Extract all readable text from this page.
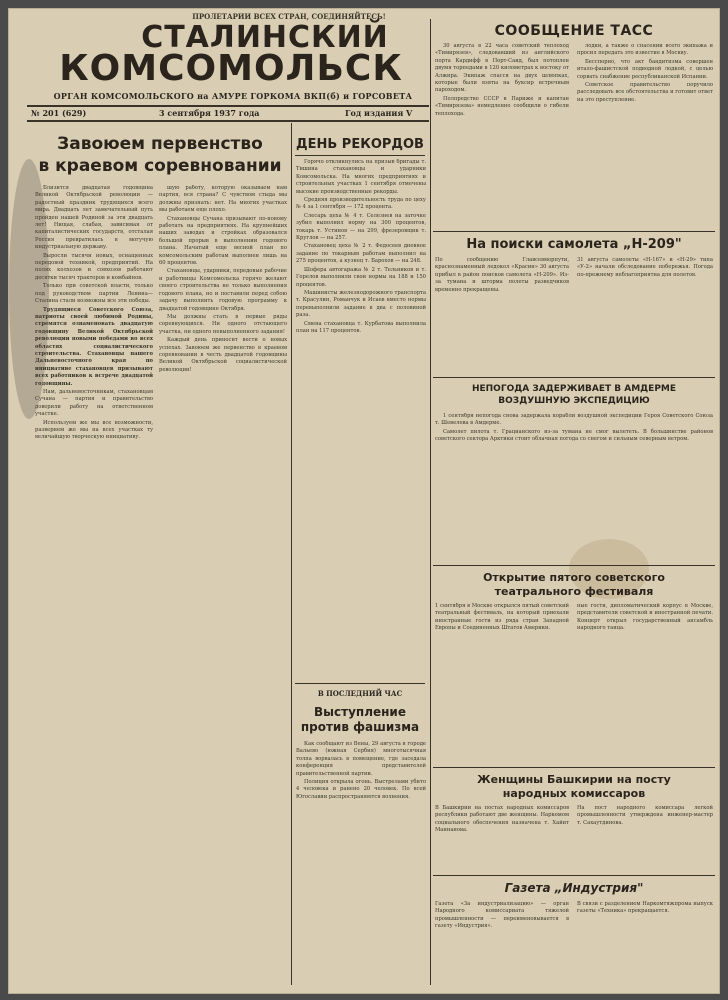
ПРОЛЕТАРИИ ВСЕХ СТРАН, СОЕДИНЯЙТЕСЬ!
СТАЛИНСКИЙ
КОМСОМОЛЬСК
ОРГАН КОМСОМОЛЬСКОГО на АМУРЕ ГОРКОМА ВКП(б) и ГОРСОВЕТА
№ 201 (629)	3 сентября 1937 года	Год издания V
Завоюем первенство
в краевом соревновании

Близится двадцатая годовщина Великой Октябрьской революции — радостный праздник трудящихся всего мира. Двадцать лет замечательный путь пройден нашей Родиной за эти двадцать лет! Нищая, слабая, зависимая от капиталистических государств, отсталая Россия превратилась в могучую индустриальную державу.

Выросли тысячи новых, оснащенных передовой техникой, предприятий. На полях колхозов и совхозов работают десятки тысяч тракторов и комбайнов.

Только при советской власти, только под руководством партии Ленина—Сталина стали возможны все эти победы.

Трудящиеся Советского Союза, патриоты своей любимой Родины, стремятся ознаменовать двадцатую годовщину Великой Октябрьской революции новыми победами во всех областях социалистического строительства. Стахановцы нашего Дальневосточного края по инициативе стахановцев призывают всех работников к встрече двадцатой годовщины.

Нам, дальневосточникам, стахановцам Сучана — партия и правительство доверили работу на ответственном участке.

Используем же мы все возможности, развернем же мы на всех участках ту величайшую творческую инициативу.

шую работу, которую оказываем нам партия, вся страна? С чувством стыда мы должны признать: нет. На многих участках мы работаем еще плохо.

Стахановцы Сучана призывают по-новому работать на предприятиях. На крупнейших наших заводах и стройках образовался большой прорыв в выполнении годового плана. Начатый еще весной план по комсомольским работам выполнен лишь на 60 процентов.

Стахановцы, ударники, передовые рабочие и работницы Комсомольска горячо желают своего строительства не только выполнения годового плана, но и поставили перед собою задачу выполнить годовую программу к двадцатой годовщине Октября.

Мы должны стать в первые ряды соревнующихся. Ни одного отстающего участка, ни одного невыполненного задания!

Каждый день приносит вести о новых успехах. Завоюем же первенство в краевом соревновании в честь двадцатой годовщины Великой Октябрьской социалистической революции!

ДЕНЬ РЕКОРДОВ

Горячо откликнулись на призыв бригады т. Тишина стахановцы и ударники Комсомольска. На многих предприятиях и строительных участках 1 сентября отмечены высокие производственные рекорды.

Средняя производительность труда по цеху № 4 за 1 сентября — 172 процента.

Слесарь цеха № 4 т. Селезнев на заточке зубил выполнил норму на 300 процентов, токарь т. Устинов — на 299, фрезеровщик т. Круглов — на 257.

Стахановец цеха № 2 т. Федосеев дневное задание по токарным работам выполнил на 275 процентов, а кузнец т. Барохов — на 248.

Шофера автогаража № 2 т. Тельников и т. Горелов выполнили свои нормы на 188 и 150 процентов.

Машинисты железнодорожного транспорта т. Красулин, Романчук и Исаев вместо нормы перевыполнили задание в два с половиной раза.

Смена стахановца т. Курбатова выполнила план на 117 процентов.

В ПОСЛЕДНИЙ ЧАС
Выступление
против фашизма

Как сообщают из Вены, 29 августа в городе Вальево (южная Сербия) многотысячная толпа ворвалась в помещение, где заседала конференция представителей правительственной партии.

Полиция открыла огонь. Выстрелами убито 4 человека и ранено 20 человек. По всей Югославии распространяются волнения.

СООБЩЕНИЕ ТАСС

30 августа в 22 часа советский теплоход «Тимирязев», следовавший из английского порта Кардифф в Порт-Саид, был потоплен двумя торпедами в 120 километрах к востоку от Алжира. Экипаж спасся на двух шлюпках, которые были взяты на буксир встречным пароходом.

Полпредство СССР в Париже и капитан «Тимирязева» немедленно сообщили о гибели теплохода.

лодки, а также о спасении всего экипажа и просил передать это известие в Москву.

Бесспорно, что акт бандитизма совершен итало-фашистской подводной лодкой, с целью сорвать снабжение республиканской Испании.

Советское правительство поручило расследовать все обстоятельства и готовит ответ на это преступление.

На поиски самолета „Н-209"
По сообщению Главсевморпути, краснознаменный ледокол «Красин» 30 августа прибыл в район поисков самолета «Н-209». Из-за тумана и шторма полеты разведчиков временно прекращены.
31 августа самолеты «Н-167» и «Н-29» типа «У-2» начали обследование побережья. Погода по-прежнему неблагоприятна для полетов.
НЕПОГОДА ЗАДЕРЖИВАЕТ В АМДЕРМЕ
ВОЗДУШНУЮ ЭКСПЕДИЦИЮ

1 сентября непогода снова задержала корабли воздушной экспедиции Героя Советского Союза т. Шевелева в Амдерме.

Самолет пилота т. Грацианского из-за тумана не смог вылететь. В большинстве районов советского сектора Арктики стоит облачная погода со снегом и сильным северным ветром.

Открытие пятого советского
театрального фестиваля
1 сентября в Москве открылся пятый советский театральный фестиваль, на который приехали иностранные гости из ряда стран Западной Европы и Соединенных Штатов Америки.
ные гости, дипломатический корпус в Москве, представители советской и иностранной печати. Концерт открыл государственный ансамбль народного танца.
Женщины Башкирии на посту
народных комиссаров
В Башкирии на постах народных комиссаров республики работают две женщины. Наркомом социального обеспечения назначена т. Хайит Маннанова.
На пост народного комиссара легкой промышленности утверждена инженер-мастер т. Сахаутдинова.
Газета „Индустрия"
Газета «За индустриализацию» — орган Народного комиссариата тяжелой промышленности — переименовывается в газету «Индустрия».
В связи с разделением Наркомтяжпрома выпуск газеты «Техника» прекращается.
